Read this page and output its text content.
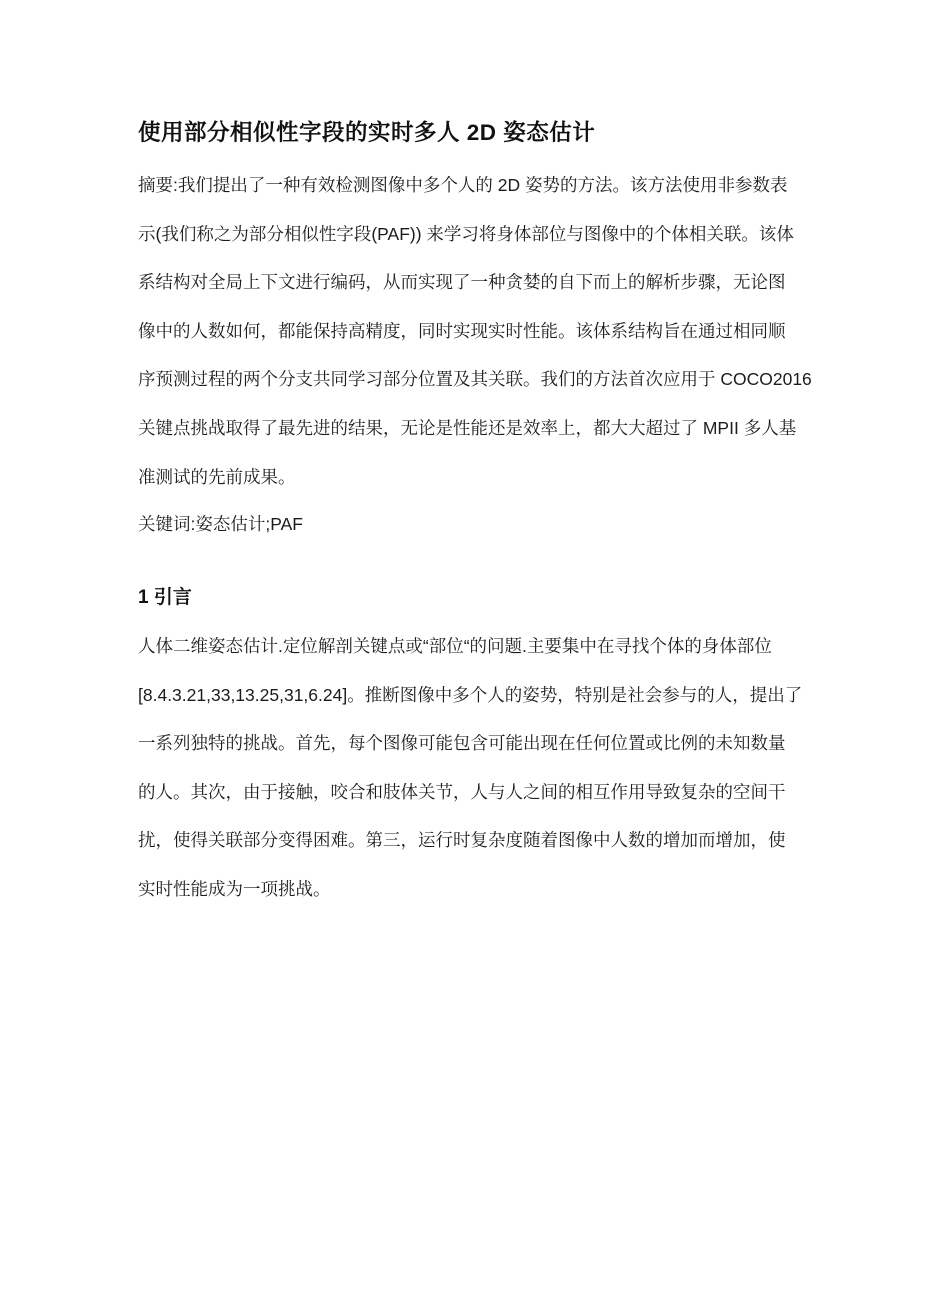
使用部分相似性字段的实时多人 2D 姿态估计
摘要:我们提出了一种有效检测图像中多个人的 2D 姿势的方法。该方法使用非参数表
示(我们称之为部分相似性字段(PAF)) 来学习将身体部位与图像中的个体相关联。该体
系结构对全局上下文进行编码，从而实现了一种贪婪的自下而上的解析步骤，无论图
像中的人数如何，都能保持高精度，同时实现实时性能。该体系结构旨在通过相同顺
序预测过程的两个分支共同学习部分位置及其关联。我们的方法首次应用于 COCO2016
关键点挑战取得了最先进的结果，无论是性能还是效率上，都大大超过了 MPII 多人基
准测试的先前成果。
关键词:姿态估计;PAF
1 引言
人体二维姿态估计.定位解剖关键点或“部位“的问题.主要集中在寻找个体的身体部位
[8.4.3.21,33,13.25,31,6.24]。推断图像中多个人的姿势，特别是社会参与的人，提出了
一系列独特的挑战。首先，每个图像可能包含可能出现在任何位置或比例的未知数量
的人。其次，由于接触，咬合和肢体关节，人与人之间的相互作用导致复杂的空间干
扰，使得关联部分变得困难。第三，运行时复杂度随着图像中人数的增加而增加，使
实时性能成为一项挑战。
